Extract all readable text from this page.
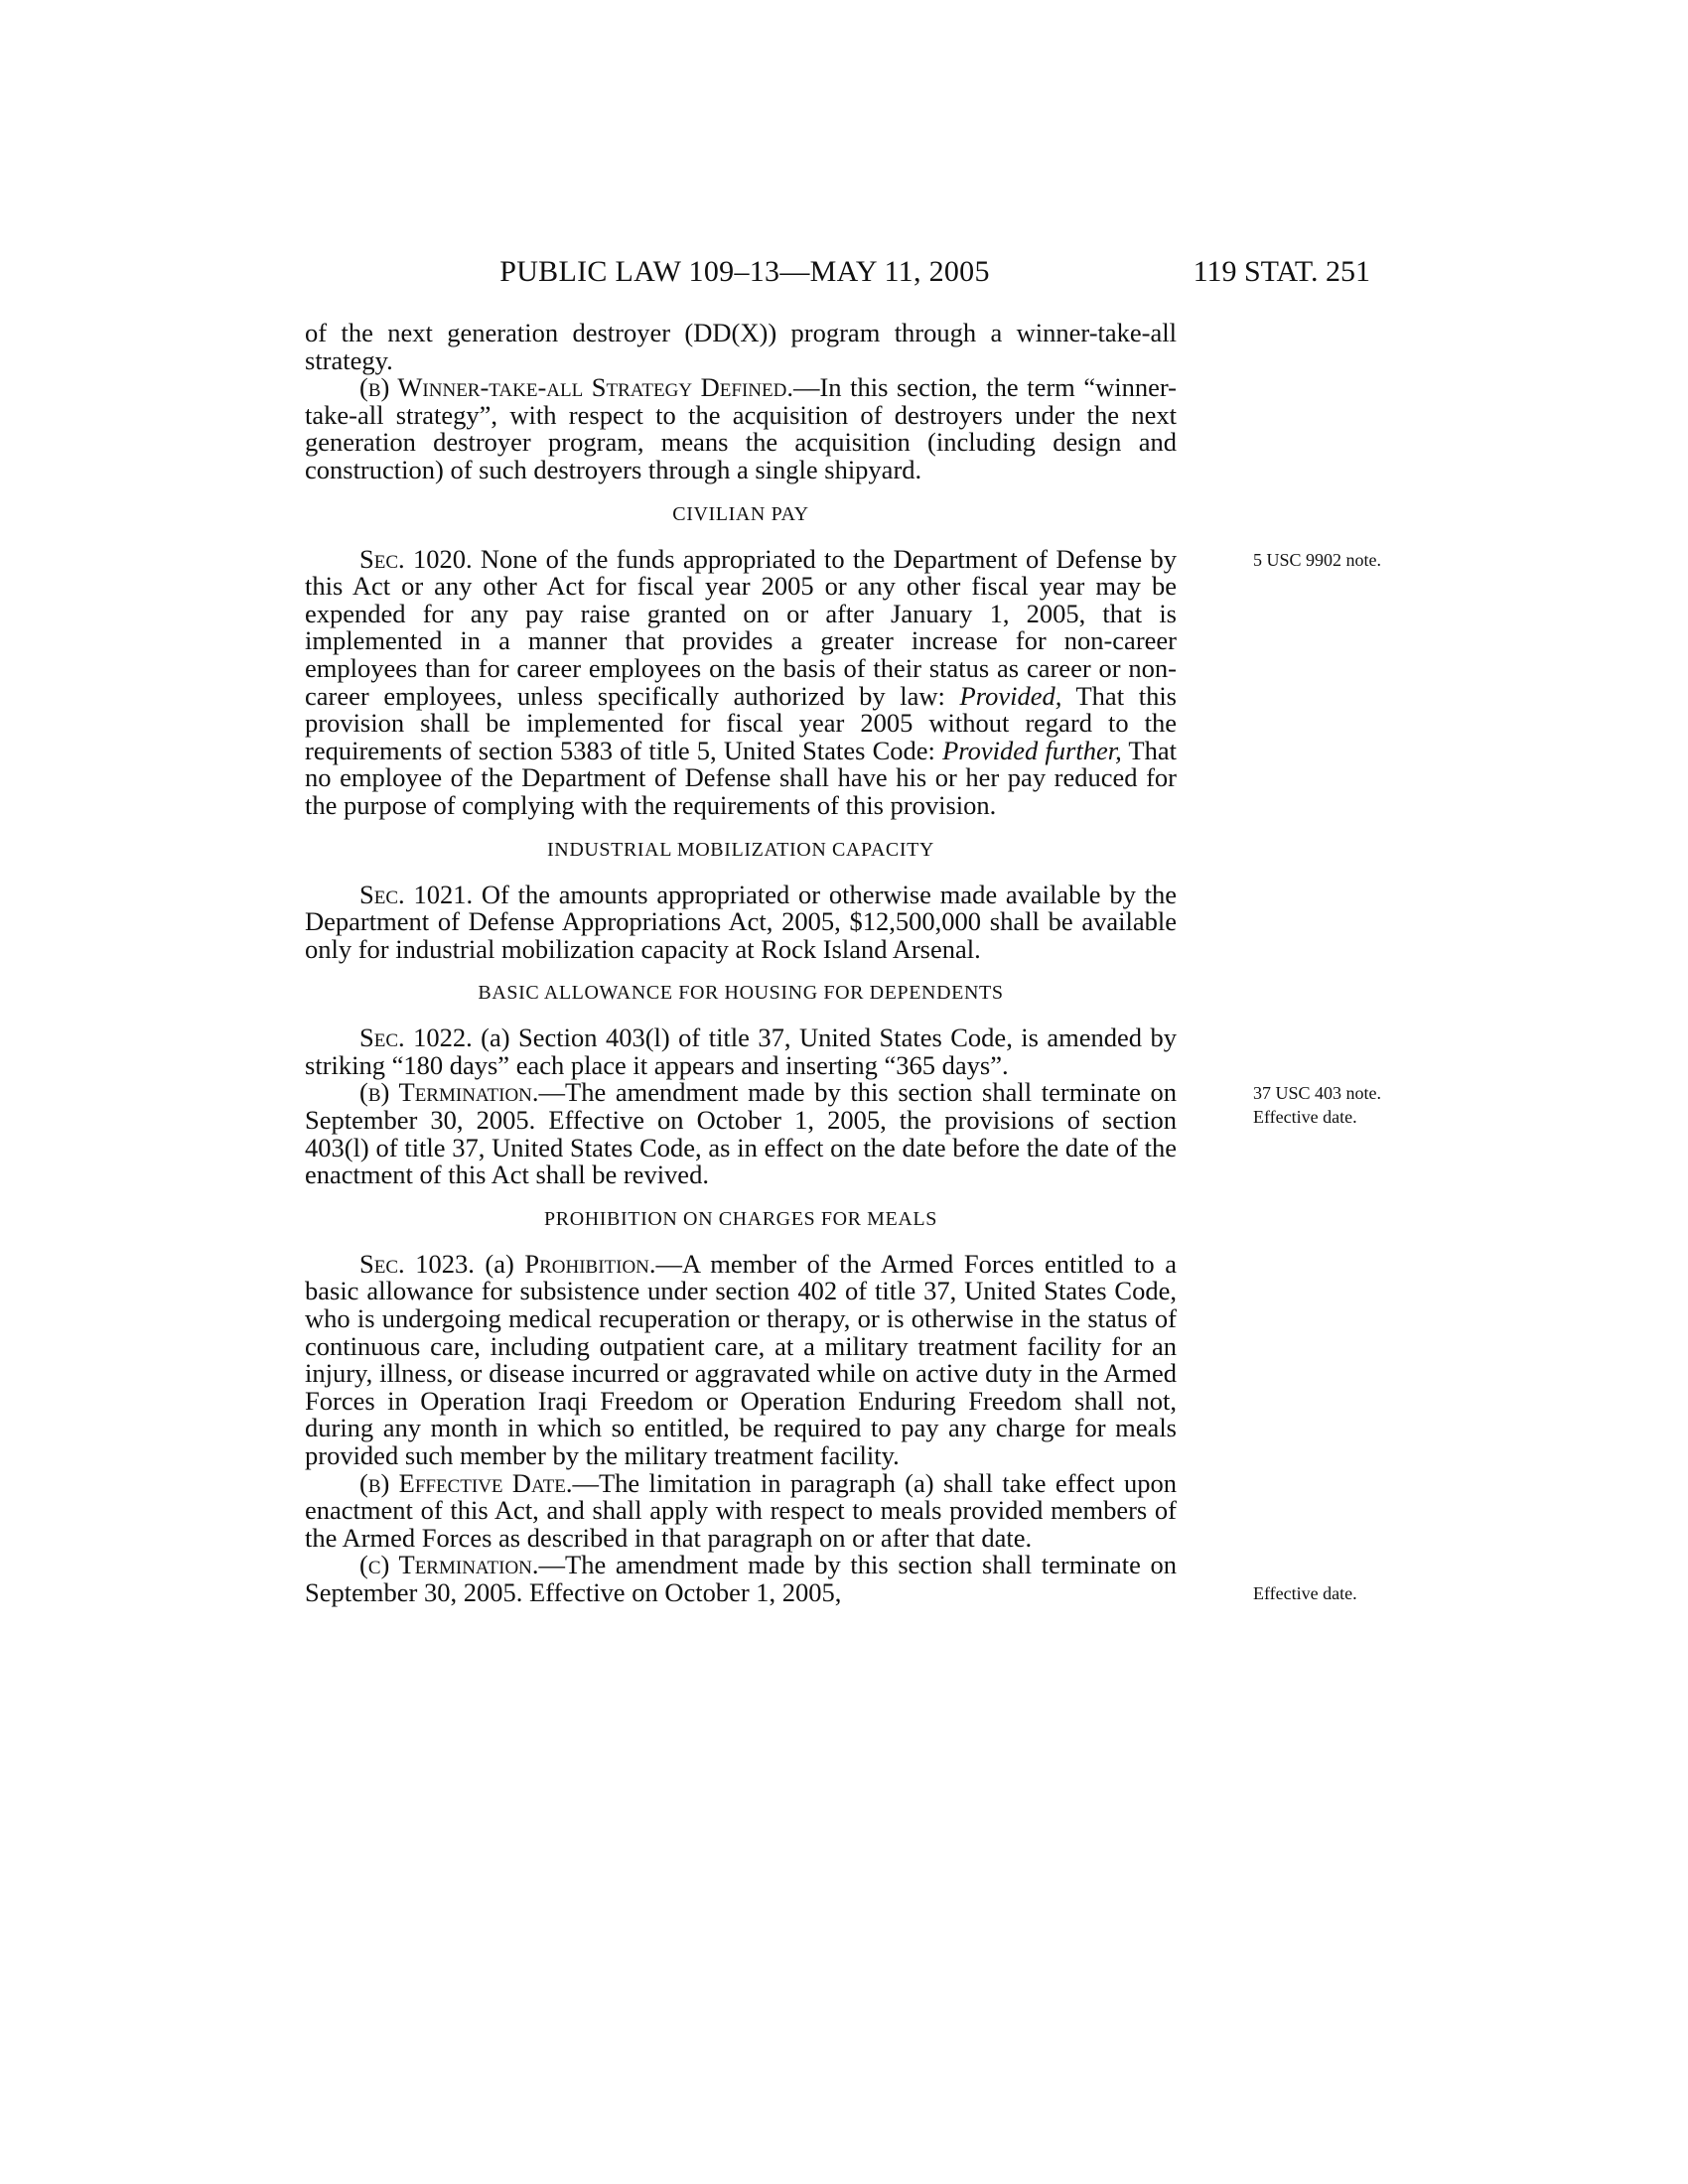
PUBLIC LAW 109–13—MAY 11, 2005	119 STAT. 251

of the next generation destroyer (DD(X)) program through a winner-take-all strategy.

(b) Winner-take-all Strategy Defined.—In this section, the term “winner-take-all strategy”, with respect to the acquisition of destroyers under the next generation destroyer program, means the acquisition (including design and construction) of such destroyers through a single shipyard.

CIVILIAN PAY

Sec. 1020. None of the funds appropriated to the Department of Defense by this Act or any other Act for fiscal year 2005 or any other fiscal year may be expended for any pay raise granted on or after January 1, 2005, that is implemented in a manner that provides a greater increase for non-career employees than for career employees on the basis of their status as career or non-career employees, unless specifically authorized by law: Provided, That this provision shall be implemented for fiscal year 2005 without regard to the requirements of section 5383 of title 5, United States Code: Provided further, That no employee of the Department of Defense shall have his or her pay reduced for the purpose of complying with the requirements of this provision.
5 USC 9902 note.

INDUSTRIAL MOBILIZATION CAPACITY

Sec. 1021. Of the amounts appropriated or otherwise made available by the Department of Defense Appropriations Act, 2005, $12,500,000 shall be available only for industrial mobilization capacity at Rock Island Arsenal.

BASIC ALLOWANCE FOR HOUSING FOR DEPENDENTS

Sec. 1022. (a) Section 403(l) of title 37, United States Code, is amended by striking “180 days” each place it appears and inserting “365 days”.

(b) Termination.—The amendment made by this section shall terminate on September 30, 2005. Effective on October 1, 2005, the provisions of section 403(l) of title 37, United States Code, as in effect on the date before the date of the enactment of this Act shall be revived.
37 USC 403 note.
Effective date.

PROHIBITION ON CHARGES FOR MEALS

Sec. 1023. (a) Prohibition.—A member of the Armed Forces entitled to a basic allowance for subsistence under section 402 of title 37, United States Code, who is undergoing medical recuperation or therapy, or is otherwise in the status of continuous care, including outpatient care, at a military treatment facility for an injury, illness, or disease incurred or aggravated while on active duty in the Armed Forces in Operation Iraqi Freedom or Operation Enduring Freedom shall not, during any month in which so entitled, be required to pay any charge for meals provided such member by the military treatment facility.

(b) Effective Date.—The limitation in paragraph (a) shall take effect upon enactment of this Act, and shall apply with respect to meals provided members of the Armed Forces as described in that paragraph on or after that date.

(c) Termination.—The amendment made by this section shall terminate on September 30, 2005. Effective on October 1, 2005,	Effective date.
